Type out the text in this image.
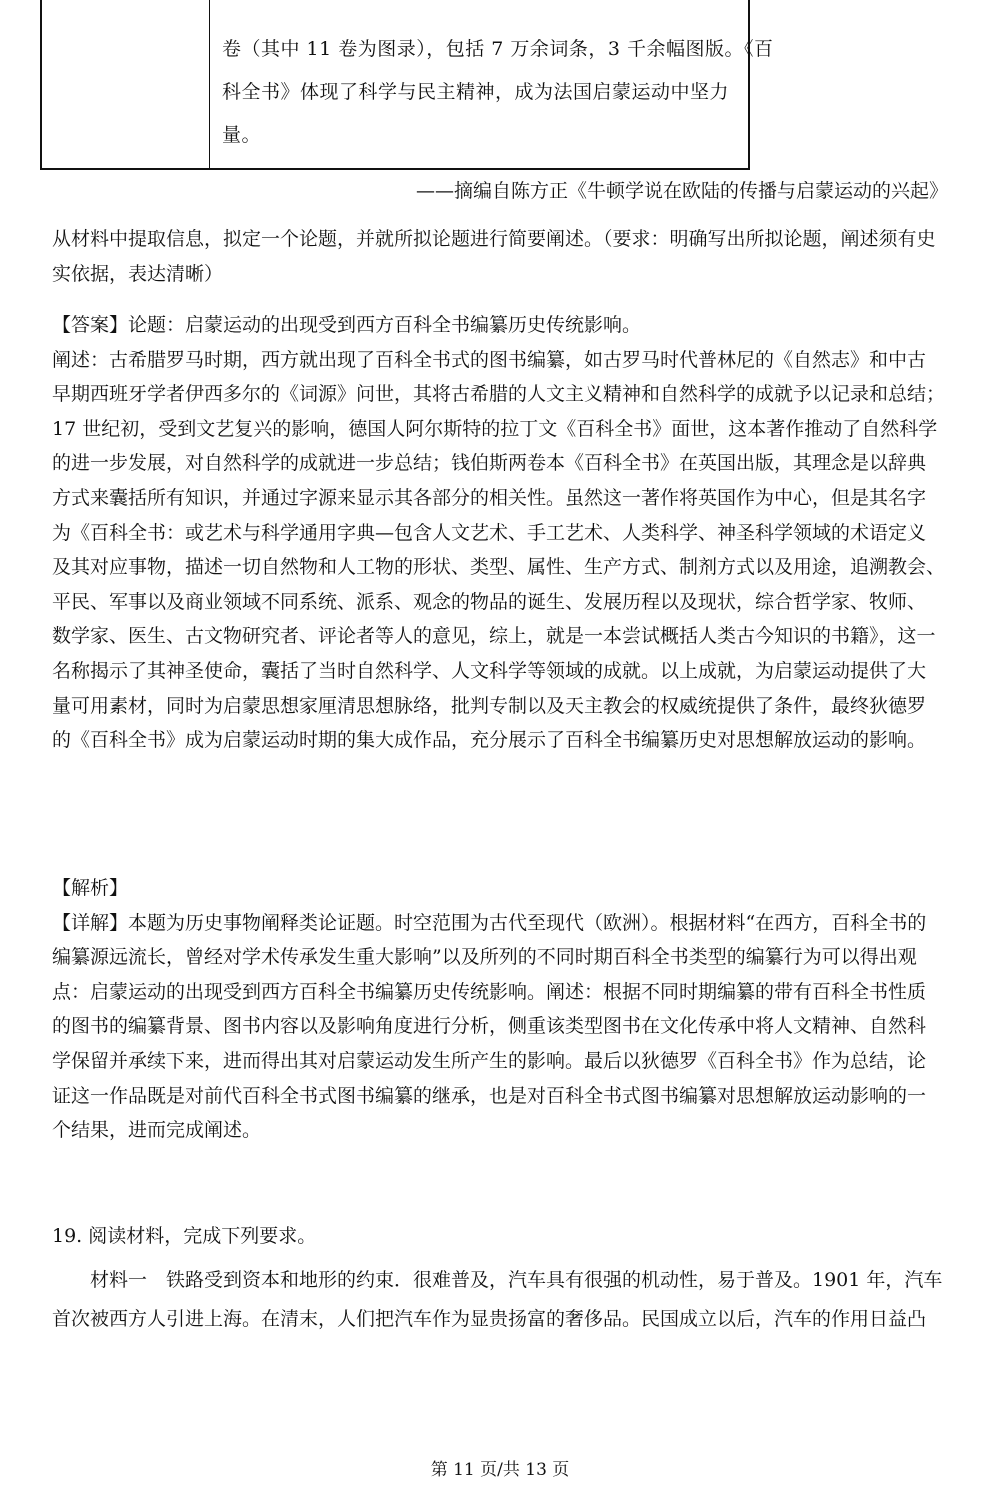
卷（其中 11 卷为图录），包括 7 万余词条，3 千余幅图版。《百
科全书》体现了科学与民主精神，成为法国启蒙运动中坚力
量。
——摘编自陈方正《牛顿学说在欧陆的传播与启蒙运动的兴起》
从材料中提取信息，拟定一个论题，并就所拟论题进行简要阐述。（要求：明确写出所拟论题，阐述须有史
实依据，表达清晰）
【答案】论题：启蒙运动的出现受到西方百科全书编纂历史传统影响。
阐述：古希腊罗马时期，西方就出现了百科全书式的图书编纂，如古罗马时代普林尼的《自然志》和中古
早期西班牙学者伊西多尔的《词源》问世，其将古希腊的人文主义精神和自然科学的成就予以记录和总结；
17 世纪初，受到文艺复兴的影响，德国人阿尔斯特的拉丁文《百科全书》面世，这本著作推动了自然科学
的进一步发展，对自然科学的成就进一步总结；钱伯斯两卷本《百科全书》在英国出版，其理念是以辞典
方式来囊括所有知识，并通过字源来显示其各部分的相关性。虽然这一著作将英国作为中心，但是其名字
为《百科全书：或艺术与科学通用字典—包含人文艺术、手工艺术、人类科学、神圣科学领域的术语定义
及其对应事物，描述一切自然物和人工物的形状、类型、属性、生产方式、制剂方式以及用途，追溯教会、
平民、军事以及商业领域不同系统、派系、观念的物品的诞生、发展历程以及现状，综合哲学家、牧师、
数学家、医生、古文物研究者、评论者等人的意见，综上，就是一本尝试概括人类古今知识的书籍》，这一
名称揭示了其神圣使命，囊括了当时自然科学、人文科学等领域的成就。以上成就，为启蒙运动提供了大
量可用素材，同时为启蒙思想家厘清思想脉络，批判专制以及天主教会的权威统提供了条件，最终狄德罗
的《百科全书》成为启蒙运动时期的集大成作品，充分展示了百科全书编纂历史对思想解放运动的影响。
【解析】
【详解】本题为历史事物阐释类论证题。时空范围为古代至现代（欧洲）。根据材料“在西方，百科全书的
编纂源远流长，曾经对学术传承发生重大影响”以及所列的不同时期百科全书类型的编纂行为可以得出观
点：启蒙运动的出现受到西方百科全书编纂历史传统影响。阐述：根据不同时期编纂的带有百科全书性质
的图书的编纂背景、图书内容以及影响角度进行分析，侧重该类型图书在文化传承中将人文精神、自然科
学保留并承续下来，进而得出其对启蒙运动发生所产生的影响。最后以狄德罗《百科全书》作为总结，论
证这一作品既是对前代百科全书式图书编纂的继承，也是对百科全书式图书编纂对思想解放运动影响的一
个结果，进而完成阐述。
19. 阅读材料，完成下列要求。
材料一　铁路受到资本和地形的约束．很难普及，汽车具有很强的机动性，易于普及。1901 年，汽车
首次被西方人引进上海。在清末，人们把汽车作为显贵扬富的奢侈品。民国成立以后，汽车的作用日益凸
第 11 页/共 13 页
